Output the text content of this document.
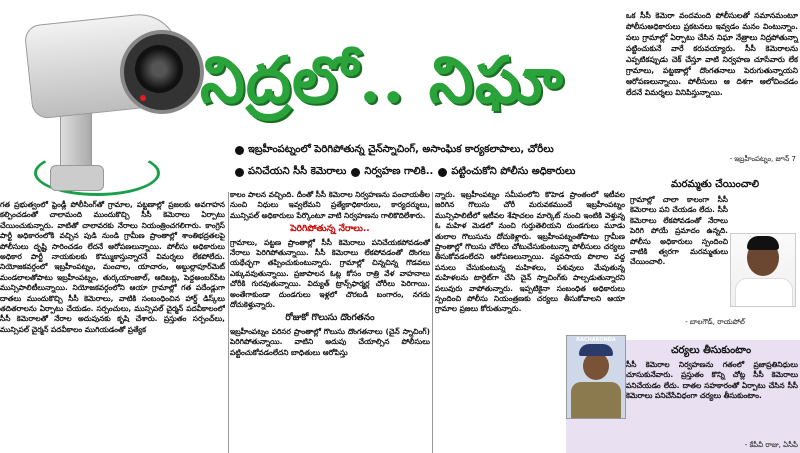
నిద్రలో.. నిఘా
ఒక సీసీ కెమెరా వందమంది పోలీసులతో సమానమంటూ పోలీసుఅధికారులు ప్రకటనలు ఇవ్వడం మనం వింటున్నాం. పలు గ్రామాల్లో ఏర్పాటు చేసిన నిఘా నేత్రాలు నిద్రపోతున్నా పట్టించుకునే వారే కరువయ్యారు. సీసీ కెమెరాలను ఎప్పటికప్పుడు చెక్ చేస్తూ వాటి నిర్వహణ చూసేవారు లేక గ్రామాలు, పట్టణాల్లో దొంగతనాలు పెరుగుతున్నాయని ఆరోపణలున్నాయి. పోలీసులు ఆ దిశగా ఆలోచించడం లేదనే విమర్శలు వినిపిస్తున్నాయి.
- ఇబ్రహీంపట్నం, జూన్ 7
ఇబ్రహీంపట్నంలో పెరిగిపోతున్న చైన్‌స్నాచింగ్, అసాంఘిక కార్యకలాపాలు, చోరీలు
పనిచేయని సీసీ కెమెరాలు నిర్వహణ గాలికి.. పట్టించుకోని పోలీసు అధికారులు
గత ప్రభుత్వంలో ఫ్రెండ్లీ పోలీసింగ్‌తో గ్రామాల, పట్టణాల్లో ప్రజలకు అవగాహన కల్పించడంతో చాలామంది ముందుకొచ్చి సీసీ కెమెరాలు ఏర్పాటు చేయించుకున్నారు. వాటితో చాలావరకు నేరాలు నియంత్రించగలిగారు. కాంగ్రెస్ పార్టీ అధికారంలోకి వచ్చిన పుడి నుండి గ్రామీణ ప్రాంతాల్లో శాంతిభద్రతలపై పోలీసులు దృష్టి సారించడం లేదనే ఆరోపణలున్నాయి. పోలీసు అధికారులు అధికార పార్టీ నాయకులకు కొమ్ముకాస్తున్నారనే విమర్శలు లేకపోలేదు. నియోజకవర్గంలో ఇబ్రహీంపట్నం, మంచాల, యాచారం, అబ్దుల్లాపూర్‌మెట్ మండలాలతోపాటు ఇబ్రహీంపట్నం, తుర్కయాంజాల్, ఆదిబట్ల, పెద్దఅంబర్‌పేట మున్సిపాలిటీలున్నాయి. నియోజకవర్గంలోని ఆయా గ్రామాల్లో గత పదేండ్లుగా దాతలు ముందుకొచ్చి సీసీ కెమెరాలు, వాటికి సంబంధించిన హార్డ్ డిస్క్‌లు తదితరాలను ఏర్పాటు చేయడం. సర్పంచులు, మున్సిపల్ చైర్మన్ పదవీకాలంలో సీసీ కెమెరాలతో నేరాల అదుపునకు కృషి చేశారు. ప్రస్తుతం సర్పంచ్‌లు, మున్సిపల్ చైర్మన్ పదవీకాలం ముగియడంతో ప్రత్యేక
కాలం పాలన వచ్చింది. దీంతో సీసీ కెమెరాల నిర్వహణను పంచాయతీల నుంచి నిధులు ఇవ్వలేమని ప్రత్యేకాధికారులు, కార్యదర్శులు, మున్సిపల్ అధికారులు పేర్కొంటూ వాటి నిర్వహణను గాలికొదిలేశారు.
పెరిగిపోతున్న నేరాలు..
గ్రామాలు, పట్టణ ప్రాంతాల్లో సీసీ కెమెరాలు పనిచేయకపోవడంతో నేరాలు పెరిగిపోతున్నాయి. సీసీ కెమెరాలు లేకపోవడంతో దొంగలు యథేచ్ఛగా తప్పించుకుంటున్నారు. గ్రామాల్లో చిన్నచిన్న గొడవలు ఎక్కువవుతున్నాయి. ప్రజాపాలన ఓట్ల కోసం రాత్రి వేళ వాహనాలు చోరీకి గురవుతున్నాయి. విద్యుత్ ట్రాన్స్‌ఫార్మర్ల చోరీలు పెరిగాయి. అంతేగాకుండా దుండగులు ఇళ్లలో చొరబడి బంగారం, నగదు దోచుకెళ్తున్నారు.
రోజుకో గొలుసు దొంగతనం
ఇబ్రహీంపట్నం పరిసర ప్రాంతాల్లో గొలుసు దొంగతనాలు (చైన్ స్నాచింగ్) పెరిగిపోతున్నాయి. వాటిని అదుపు చేయాల్సిన పోలీసులు పట్టించుకోవడంలేదని బాధితులు ఆరోపిస్తు
న్నారు. ఇబ్రహీంపట్నం సమీపంలోని కొహెడ ప్రాంతంలో ఇటీవల జరిగిన గొలుసు చోరీ మరువకముందే ఇబ్రహీంపట్నం మున్సిపాలిటీలో ఇటీవల శేషాచలం మార్కెట్ నుంచి ఇంటికి వెళ్తున్న ఓ మహిళ మెడలో నుంచి గుర్తుతెలియని దుండగులు మూడు తులాల గొలుసును దోచుకెళ్లారు. ఇబ్రహీంపట్నంతోపాటు గ్రామీణ ప్రాంతాల్లో గొలుసు చోరీలు చోటుచేసుకుంటున్నా పోలీసులు చర్యలు తీసుకోవడంలేదని ఆరోపణలున్నాయి. వ్యవసాయ పొలాల వద్ద పనులు చేసుకుంటున్న మహిళలు, పశువులు మేపుతున్న మహిళలను టార్గెట్‌గా చేసి చైన్ స్నాచింగ్‌కు పాల్పడుతున్నారని పలువురు వాపోతున్నారు. ఇప్పటికైనా సంబంధిత అధికారులు స్పందించి పోలీసు నియంత్రణకు చర్యలు తీసుకోవాలని ఆయా గ్రామాల ప్రజలు కోరుతున్నారు.
మరమ్మతు చేయించాలి
గ్రామాల్లో చాలా కాలంగా సీసీ కెమెరాలు పని చేయడం లేదు. సీసీ కెమెరాలు లేకపోవడంతో నేరాలు పెరిగి పోయే ప్రమాదం ఉన్నది. పోలీసు అధికారులు స్పందించి వాటికి త్వరగా మరమ్మతులు చేయించాలి.
- బాలగౌడ్, రాయపోల్
చర్యలు తీసుకుంటాం
సీసీ కెమెరాల నిర్వహణను గతంలో ప్రజాప్రతినిధులు చూసుకునేవారు. ప్రస్తుతం కొన్ని చోట్ల సీసీ కెమెరాలు పనిచేయడం లేదు. దాతల సహకారంతో ఏర్పాటు చేసిన సీసీ కెమెరాలు పనిచేసేవిధంగా చర్యలు తీసుకుంటాం.
- కేపీవీ రాజు, ఏసీపీ
RACHAKONDA
